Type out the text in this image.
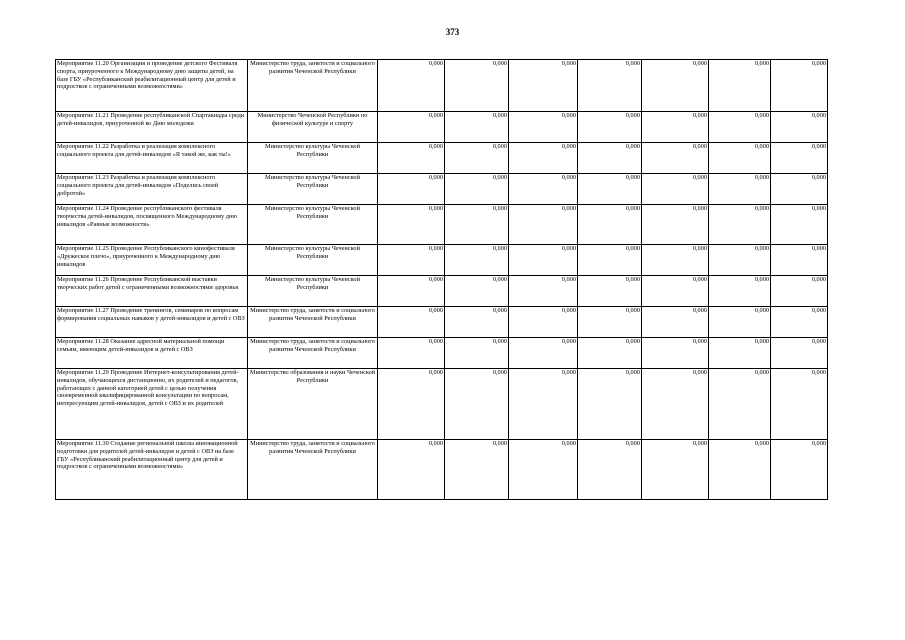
373
Мероприятие 11.20 Организация и проведение детского Фестиваля спорта, приуроченного к Международному дню защиты детей, на базе ГБУ «Республиканский реабилитационный центр для детей и подростков с ограниченными возможностями»	Министерство труда, занятости и социального развития Чеченской Республики	0,000	0,000	0,000	0,000	0,000	0,000	0,000
Мероприятие 11.21 Проведение республиканской Спартакиады среди детей-инвалидов, приуроченной ко Дню молодежи	Министерство Чеченской Республики по физической культуре и спорту	0,000	0,000	0,000	0,000	0,000	0,000	0,000
Мероприятие 11.22 Разработка и реализация комплексного социального проекта для детей-инвалидов «Я такой же, как ты!»	Министерство культуры Чеченской Республики	0,000	0,000	0,000	0,000	0,000	0,000	0,000
Мероприятие 11.23 Разработка и реализация комплексного социального проекта для детей-инвалидов «Поделись своей добротой»	Министерство культуры Чеченской Республики	0,000	0,000	0,000	0,000	0,000	0,000	0,000
Мероприятие 11.24 Проведение республиканского фестиваля творчества детей-инвалидов, посвященного Международному дню инвалидов «Равные возможности»	Министерство культуры Чеченской Республики	0,000	0,000	0,000	0,000	0,000	0,000	0,000
Мероприятие 11.25 Проведение Республиканского кинофестиваля «Дружеское плечо», приуроченного к Международному дню инвалидов	Министерство культуры Чеченской Республики	0,000	0,000	0,000	0,000	0,000	0,000	0,000
Мероприятие 11.26 Проведение Республиканской выставки творческих работ детей с ограниченными возможностями здоровья	Министерство культуры Чеченской Республики	0,000	0,000	0,000	0,000	0,000	0,000	0,000
Мероприятие 11.27 Проведение тренингов, семинаров по вопросам формирования социальных навыков у детей-инвалидов и детей с ОВЗ	Министерство труда, занятости и социального развития Чеченской Республики	0,000	0,000	0,000	0,000	0,000	0,000	0,000
Мероприятие 11.28 Оказание адресной материальной помощи семьям, имеющим детей-инвалидов и детей с ОВЗ	Министерство труда, занятости и социального развития Чеченской Республики	0,000	0,000	0,000	0,000	0,000	0,000	0,000
Мероприятие 11.29 Проведение Интернет-консультирования детей-инвалидов, обучающихся дистанционно, их родителей и педагогов, работающих с данной категорией детей с целью получения своевременной квалифицированной консультации по вопросам, интересующим детей-инвалидов, детей с ОВЗ и их родителей	Министерство образования и науки Чеченской Республики	0,000	0,000	0,000	0,000	0,000	0,000	0,000
Мероприятие 11.30 Создание региональной школы инновационной подготовки для родителей детей-инвалидов и детей с ОВЗ на базе ГБУ «Республиканский реабилитационный центр для детей и подростков с ограниченными возможностями»	Министерство труда, занятости и социального развития Чеченской Республики	0,000	0,000	0,000	0,000	0,000	0,000	0,000
